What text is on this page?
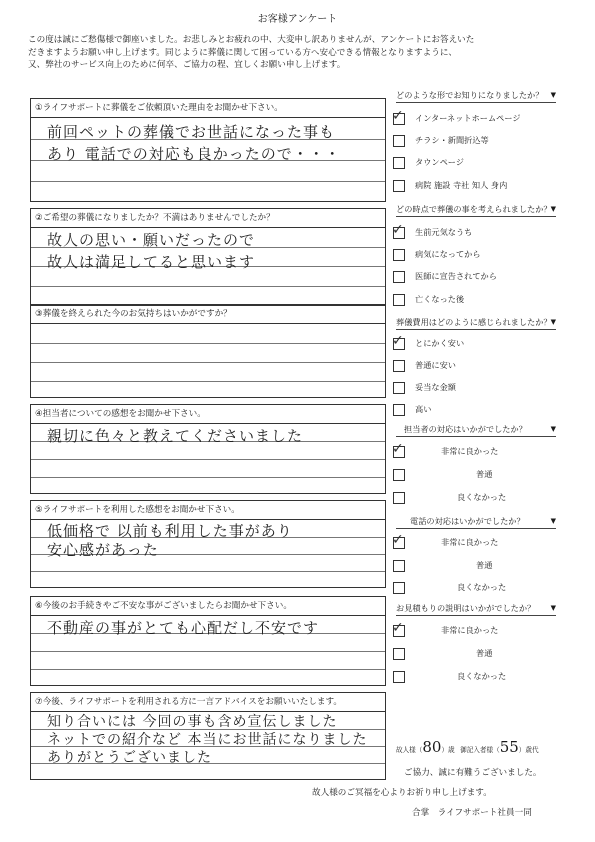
お客様アンケート
この度は誠にご愁傷様で御座いました。お悲しみとお疲れの中、大変申し訳ありませんが、アンケートにお答えいた
だきますようお願い申し上げます。同じように葬儀に関して困っている方へ安心できる情報となりますように、
又、弊社のサービス向上のために何卒、ご協力の程、宜しくお願い申し上げます。
①ライフサポートに葬儀をご依頼頂いた理由をお聞かせ下さい。
前回ペットの葬儀でお世話になった事も
あり 電話での対応も良かったので・・・
②ご希望の葬儀になりましたか？不満はありませんでしたか？
故人の思い・願いだったので
故人は満足してると思います
③葬儀を終えられた今のお気持ちはいかがですか？
④担当者についての感想をお聞かせ下さい。
親切に色々と教えてくださいました
⑤ライフサポートを利用した感想をお聞かせ下さい。
低価格で 以前も利用した事があり
安心感があった
⑥今後のお手続きやご不安な事がございましたらお聞かせ下さい。
不動産の事がとても心配だし不安です
⑦今後、ライフサポートを利用される方に一言アドバイスをお願いいたします。
知り合いには 今回の事も含め宣伝しました
ネットでの紹介など 本当にお世話になりました
ありがとうございました
どのような形でお知りになりましたか？ ▼
✓ インターネットホームページ
チラシ・新聞折込等
タウンページ
病院 施設 寺社 知人 身内
どの時点で葬儀の事を考えられましたか？ ▼
✓ 生前元気なうち
病気になってから
医師に宣告されてから
亡くなった後
葬儀費用はどのように感じられましたか？ ▼
✓ とにかく安い
普通に安い
妥当な金額
高い
担当者の対応はいかがでしたか？	▼
✓	非常に良かった
普通
良くなかった
電話の対応はいかがでしたか？	▼
✓	非常に良かった
普通
良くなかった
お見積もりの説明はいかがでしたか？ ▼
✓	非常に良かった
普通
良くなかった
故人様（80）歳 御記入者様（55）歳代
ご協力、誠に有難うございました。
故人様のご冥福を心よりお祈り申し上げます。
合掌　ライフサポート社員一同
